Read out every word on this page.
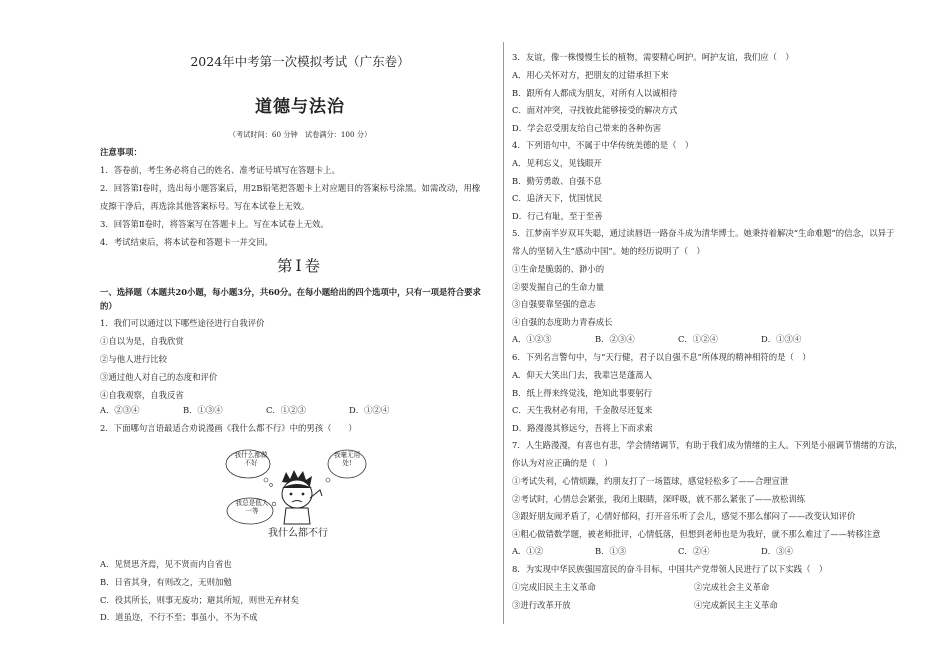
2024年中考第一次模拟考试（广东卷）
道德与法治
（考试时间：60 分钟　试卷满分：100 分）
注意事项：
1．答卷前，考生务必将自己的姓名、准考证号填写在答题卡上。
2．回答第Ⅰ卷时，选出每小题答案后，用2B铅笔把答题卡上对应题目的答案标号涂黑。如需改动，用橡
皮擦干净后，再选涂其他答案标号。写在本试卷上无效。
3．回答第Ⅱ卷时，将答案写在答题卡上。写在本试卷上无效。
4．考试结束后，将本试卷和答题卡一并交回。
第Ⅰ卷
一、选择题（本题共20小题，每小题3分，共60分。在每小题给出的四个选项中，只有一项是符合要求
的）
1．我们可以通过以下哪些途径进行自我评价
①自以为是，自我欣赏
②与他人进行比较
③通过他人对自己的态度和评价
④自我观察，自我反省
A．②③④	B．①③④	C．①②③	D．①②④
2．下面哪句言语最适合劝说漫画《我什么都不行》中的男孩（　　）
我什么都做不好
我毫无用处!
我总是低人一等
我什么都不行
A．见贤思齐焉，见不贤而内自省也
B．日省其身，有则改之，无则加勉
C．役其所长，则事无废功；避其所短，则世无弃材矣
D．道虽迩，不行不至；事虽小，不为不成
3．友谊，像一株慢慢生长的植物，需要精心呵护。呵护友谊，我们应（　）
A．用心关怀对方，把朋友的过错承担下来
B．跟所有人都成为朋友，对所有人以诚相待
C．面对冲突，寻找彼此能够接受的解决方式
D．学会忍受朋友给自己带来的各种伤害
4．下列语句中，不属于中华传统美德的是（　）
A．见利忘义，见钱眼开
B．勤劳勇敢、自强不息
C．追济天下，忧国忧民
D．行己有耻，至于至善
5．江梦南半岁双耳失聪，通过读唇语一路奋斗成为清华博士。她秉持着解决“生命难题”的信念，以异于
常人的坚韧入生“感动中国”。她的经历说明了（　）
①生命是脆弱的、渺小的
②要发掘自己的生命力量
③自强要靠坚强的意志
④自强的态度助力青春成长
A．①②③	B．②③④	C．①②④	D．①③④
6．下列名言警句中，与“天行健，君子以自强不息”所体现的精神相符的是（　）
A．仰天大笑出门去，我辈岂是蓬蒿人
B．纸上得来终觉浅，绝知此事要躬行
C．天生我材必有用，千金散尽还复来
D．路漫漫其修远兮，吾将上下而求索
7．人生路漫漫，有喜也有悲，学会情绪调节，有助于我们成为情绪的主人。下列是小丽调节情绪的方法，
你认为对应正确的是（　）
①考试失利，心情烦躁，约朋友打了一场篮球，感觉轻松多了——合理宣泄
②考试时，心情总会紧张，我闭上眼睛，深呼吸，就不那么紧张了——放松训练
③跟好朋友闹矛盾了，心情好郁闷，打开音乐听了会儿，感觉不那么郁闷了——改变认知评价
④粗心做错数学题，被老师批评，心情低落，但想到老师也是为我好，就不那么难过了——转移注意
A．①②	B．①③	C．②④	D．③④
8．为实现中华民族强国富民的奋斗目标，中国共产党带领人民进行了以下实践（　）
①完成旧民主主义革命	②完成社会主义革命
③进行改革开放	④完成新民主主义革命
